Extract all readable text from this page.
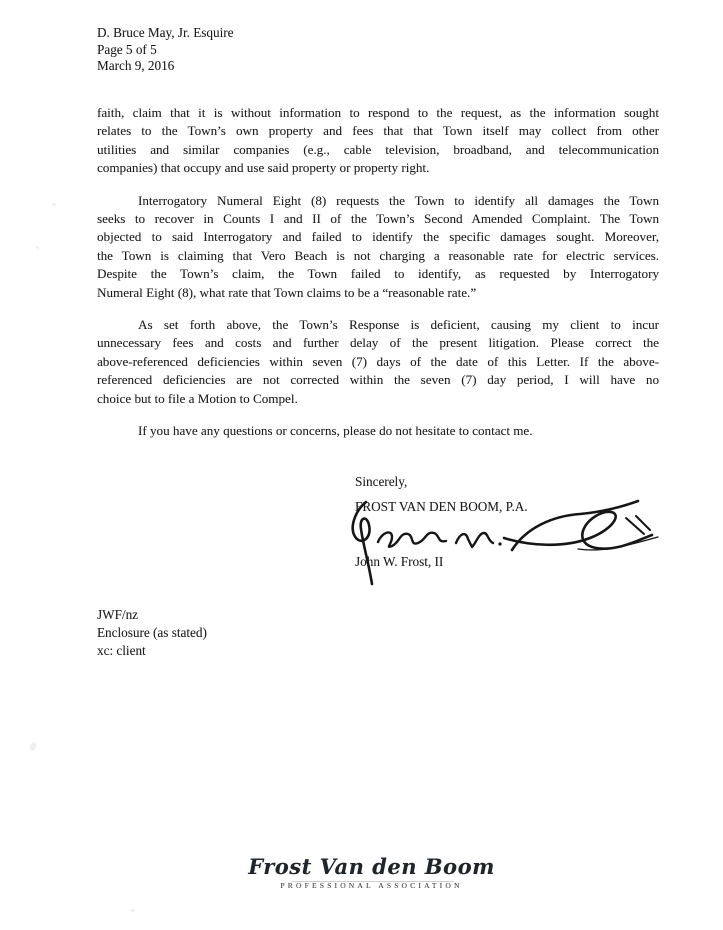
D. Bruce May, Jr. Esquire
Page 5 of 5
March 9, 2016
faith, claim that it is without information to respond to the request, as the information sought
relates to the Town’s own property and fees that that Town itself may collect from other
utilities and similar companies (e.g., cable television, broadband, and telecommunication
companies) that occupy and use said property or property right.
Interrogatory Numeral Eight (8) requests the Town to identify all damages the Town
seeks to recover in Counts I and II of the Town’s Second Amended Complaint. The Town
objected to said Interrogatory and failed to identify the specific damages sought. Moreover,
the Town is claiming that Vero Beach is not charging a reasonable rate for electric services.
Despite the Town’s claim, the Town failed to identify, as requested by Interrogatory
Numeral Eight (8), what rate that Town claims to be a “reasonable rate.”
As set forth above, the Town’s Response is deficient, causing my client to incur
unnecessary fees and costs and further delay of the present litigation. Please correct the
above-referenced deficiencies within seven (7) days of the date of this Letter. If the above-
referenced deficiencies are not corrected within the seven (7) day period, I will have no
choice but to file a Motion to Compel.
If you have any questions or concerns, please do not hesitate to contact me.
Sincerely,
FROST VAN DEN BOOM, P.A.
John W. Frost, II
JWF/nz
Enclosure (as stated)
xc: client
Frost Van den Boom
PROFESSIONAL ASSOCIATION
